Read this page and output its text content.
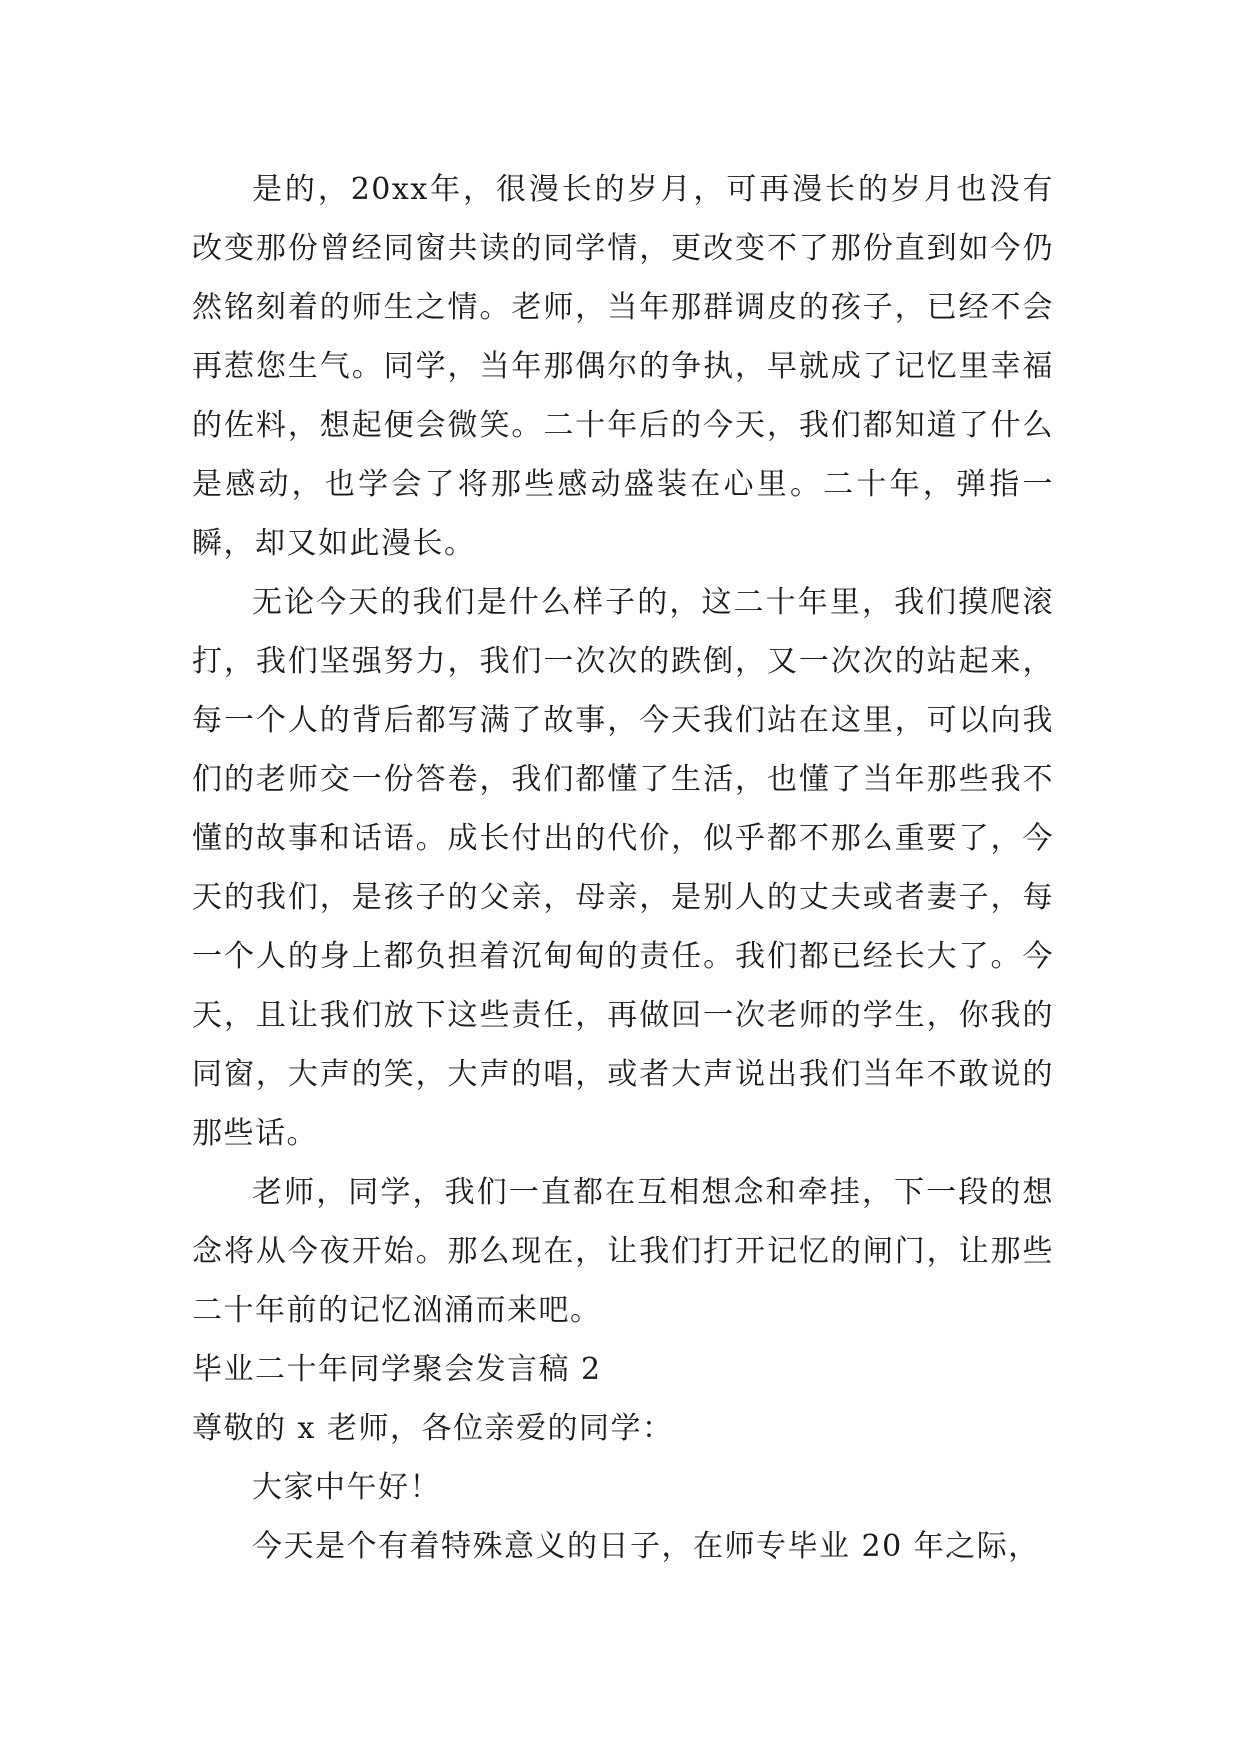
是的，20xx年，很漫长的岁月，可再漫长的岁月也没有改变那份曾经同窗共读的同学情，更改变不了那份直到如今仍然铭刻着的师生之情。老师，当年那群调皮的孩子，已经不会再惹您生气。同学，当年那偶尔的争执，早就成了记忆里幸福的佐料，想起便会微笑。二十年后的今天，我们都知道了什么是感动，也学会了将那些感动盛装在心里。二十年，弹指一瞬，却又如此漫长。

无论今天的我们是什么样子的，这二十年里，我们摸爬滚打，我们坚强努力，我们一次次的跌倒，又一次次的站起来，每一个人的背后都写满了故事，今天我们站在这里，可以向我们的老师交一份答卷，我们都懂了生活，也懂了当年那些我不懂的故事和话语。成长付出的代价，似乎都不那么重要了，今天的我们，是孩子的父亲，母亲，是别人的丈夫或者妻子，每一个人的身上都负担着沉甸甸的责任。我们都已经长大了。今天，且让我们放下这些责任，再做回一次老师的学生，你我的同窗，大声的笑，大声的唱，或者大声说出我们当年不敢说的那些话。

老师，同学，我们一直都在互相想念和牵挂，下一段的想念将从今夜开始。那么现在，让我们打开记忆的闸门，让那些二十年前的记忆汹涌而来吧。

毕业二十年同学聚会发言稿 2

尊敬的 x 老师，各位亲爱的同学：

大家中午好！

今天是个有着特殊意义的日子，在师专毕业 20 年之际，
